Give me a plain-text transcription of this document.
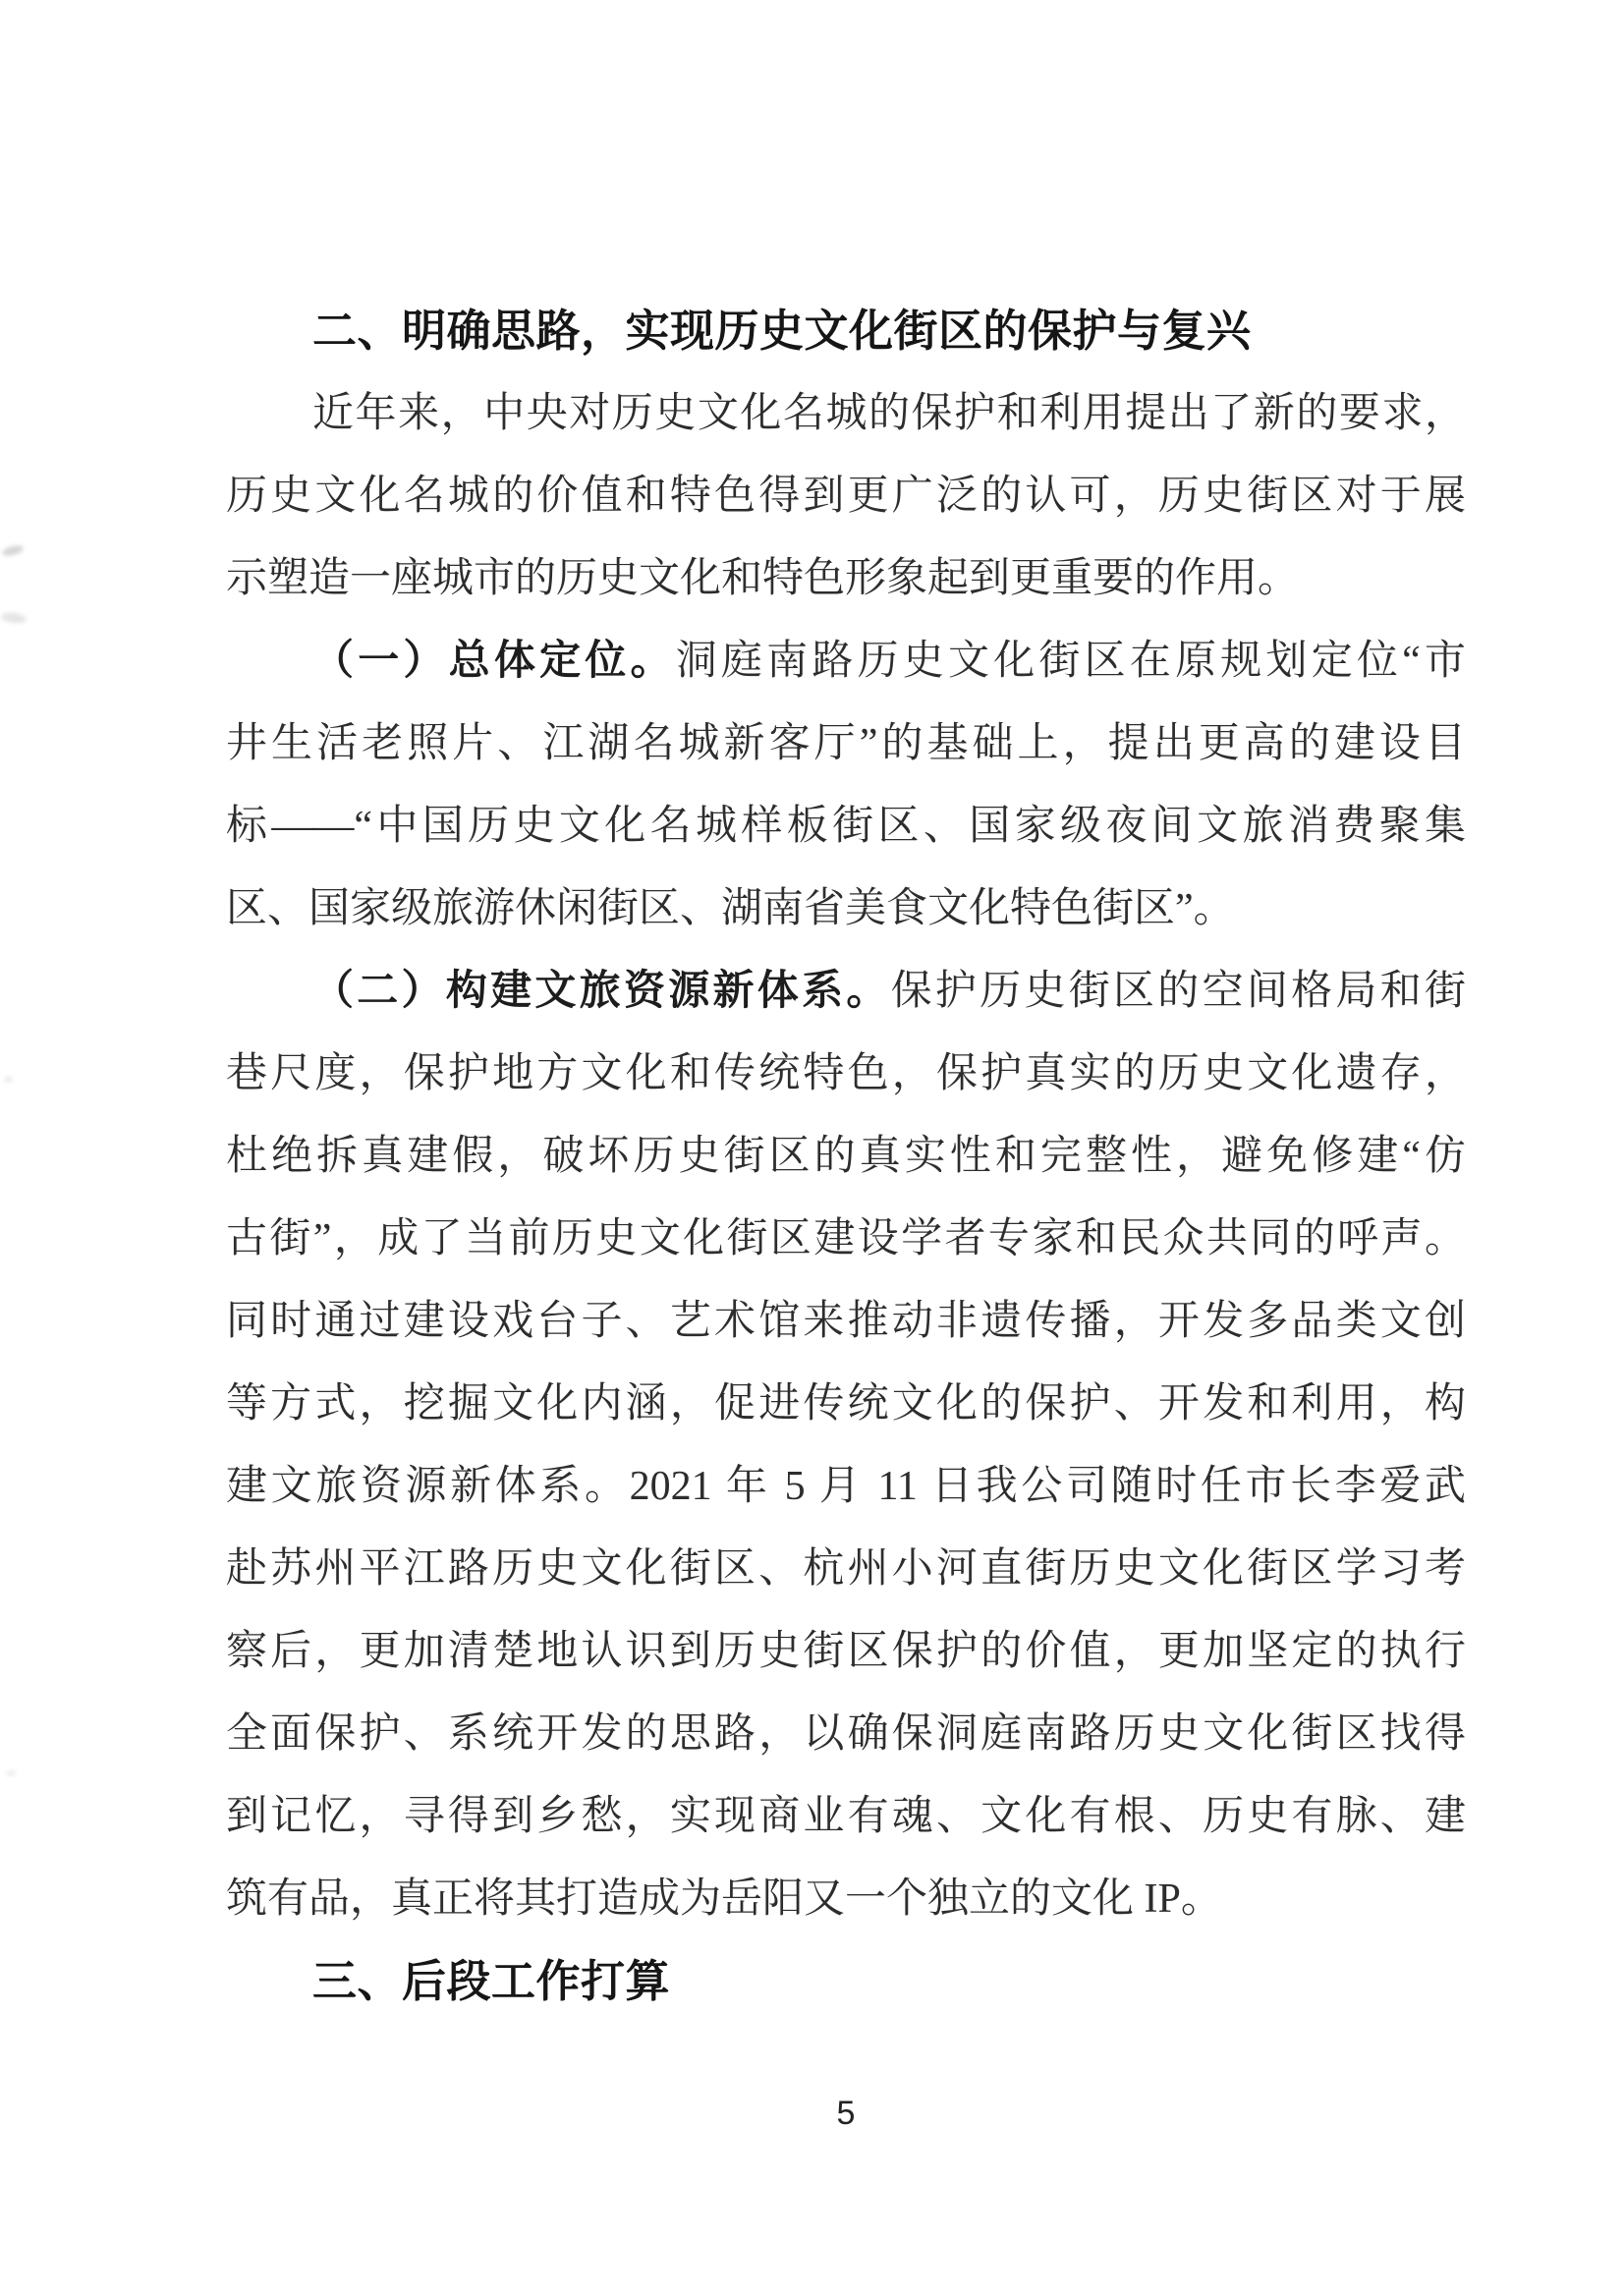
二、明确思路，实现历史文化街区的保护与复兴
近年来，中央对历史文化名城的保护和利用提出了新的要求，
历史文化名城的价值和特色得到更广泛的认可，历史街区对于展
示塑造一座城市的历史文化和特色形象起到更重要的作用。
（一）总体定位。洞庭南路历史文化街区在原规划定位“市
井生活老照片、江湖名城新客厅”的基础上，提出更高的建设目
标——“中国历史文化名城样板街区、国家级夜间文旅消费聚集
区、国家级旅游休闲街区、湖南省美食文化特色街区”。
（二）构建文旅资源新体系。保护历史街区的空间格局和街
巷尺度，保护地方文化和传统特色，保护真实的历史文化遗存，
杜绝拆真建假，破坏历史街区的真实性和完整性，避免修建“仿
古街”，成了当前历史文化街区建设学者专家和民众共同的呼声。
同时通过建设戏台子、艺术馆来推动非遗传播，开发多品类文创
等方式，挖掘文化内涵，促进传统文化的保护、开发和利用，构
建文旅资源新体系。2021 年 5 月 11 日我公司随时任市长李爱武
赴苏州平江路历史文化街区、杭州小河直街历史文化街区学习考
察后，更加清楚地认识到历史街区保护的价值，更加坚定的执行
全面保护、系统开发的思路，以确保洞庭南路历史文化街区找得
到记忆，寻得到乡愁，实现商业有魂、文化有根、历史有脉、建
筑有品，真正将其打造成为岳阳又一个独立的文化 IP。
三、后段工作打算
5
